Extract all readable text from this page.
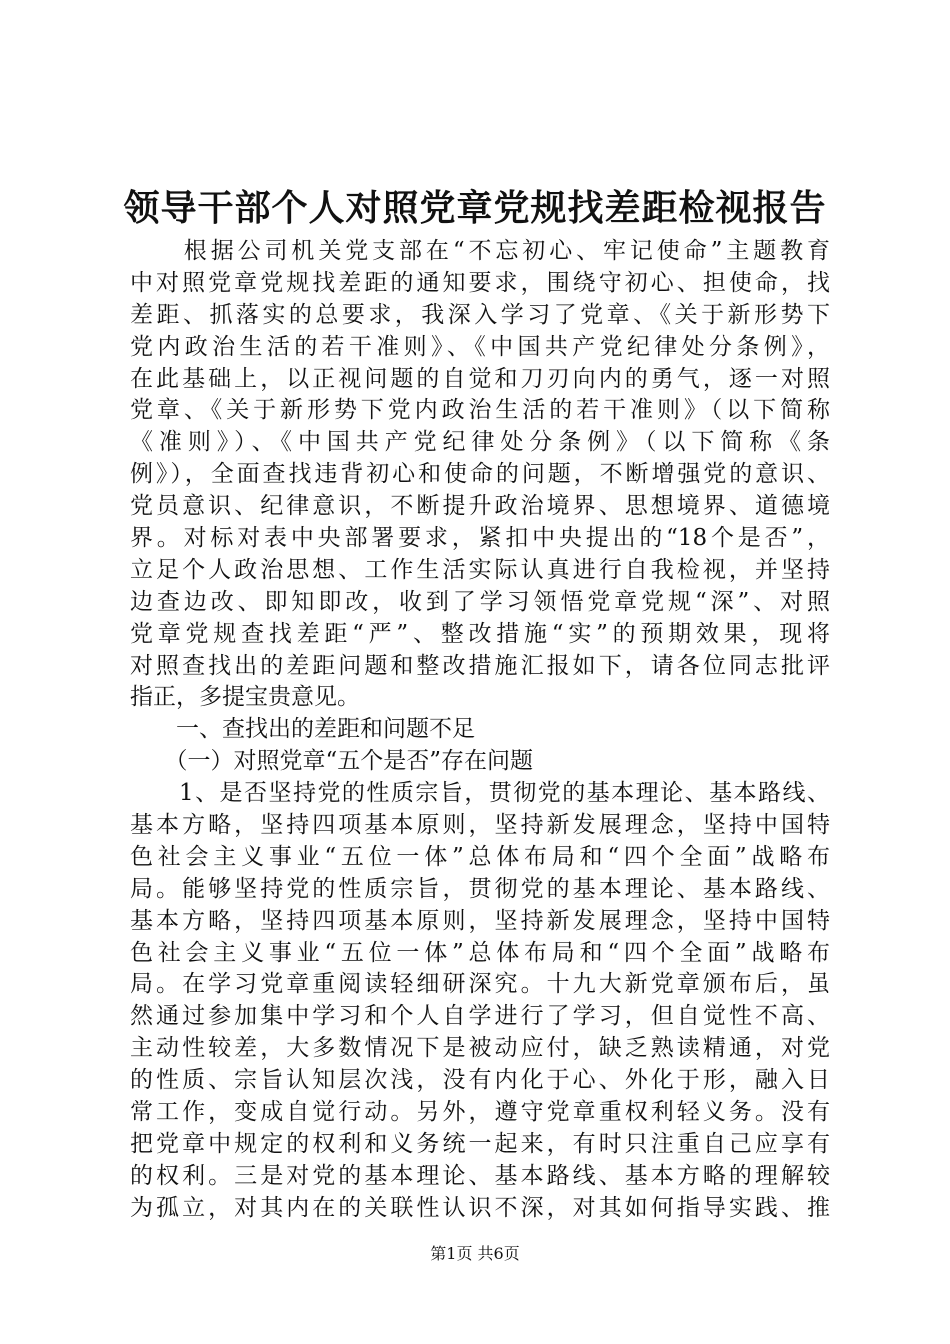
领导干部个人对照党章党规找差距检视报告
　　根据公司机关党支部在“不忘初心、牢记使命”主题教育
中对照党章党规找差距的通知要求，围绕守初心、担使命，找
差距、抓落实的总要求，我深入学习了党章、《关于新形势下
党内政治生活的若干准则》、《中国共产党纪律处分条例》，
在此基础上，以正视问题的自觉和刀刃向内的勇气，逐一对照
党章、《关于新形势下党内政治生活的若干准则》（以下简称
《准则》）、《中国共产党纪律处分条例》（以下简称《条
例》），全面查找违背初心和使命的问题，不断增强党的意识、
党员意识、纪律意识，不断提升政治境界、思想境界、道德境
界。对标对表中央部署要求，紧扣中央提出的“18个是否”，
立足个人政治思想、工作生活实际认真进行自我检视，并坚持
边查边改、即知即改，收到了学习领悟党章党规“深”、对照
党章党规查找差距“严”、整改措施“实”的预期效果，现将
对照查找出的差距问题和整改措施汇报如下，请各位同志批评
指正，多提宝贵意见。
　　一、查找出的差距和问题不足
　　（一）对照党章“五个是否”存在问题
　　1、是否坚持党的性质宗旨，贯彻党的基本理论、基本路线、
基本方略，坚持四项基本原则，坚持新发展理念，坚持中国特
色社会主义事业“五位一体”总体布局和“四个全面”战略布
局。能够坚持党的性质宗旨，贯彻党的基本理论、基本路线、
基本方略，坚持四项基本原则，坚持新发展理念，坚持中国特
色社会主义事业“五位一体”总体布局和“四个全面”战略布
局。在学习党章重阅读轻细研深究。十九大新党章颁布后，虽
然通过参加集中学习和个人自学进行了学习，但自觉性不高、
主动性较差，大多数情况下是被动应付，缺乏熟读精通，对党
的性质、宗旨认知层次浅，没有内化于心、外化于形，融入日
常工作，变成自觉行动。另外，遵守党章重权利轻义务。没有
把党章中规定的权利和义务统一起来，有时只注重自己应享有
的权利。三是对党的基本理论、基本路线、基本方略的理解较
为孤立，对其内在的关联性认识不深，对其如何指导实践、推
第1页 共6页
